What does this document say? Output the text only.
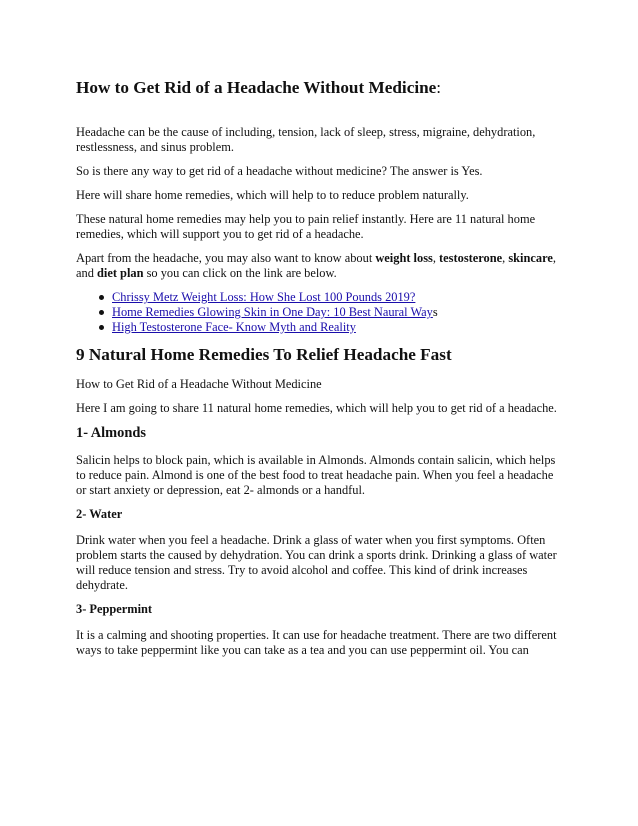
How to Get Rid of a Headache Without Medicine:

Headache can be the cause of including, tension, lack of sleep, stress, migraine, dehydration, restlessness, and sinus problem.

So is there any way to get rid of a headache without medicine? The answer is Yes.

Here will share home remedies, which will help to to reduce problem naturally.

These natural home remedies may help you to pain relief instantly. Here are 11 natural home remedies, which will support you to get rid of a headache.

Apart from the headache, you may also want to know about weight loss, testosterone, skincare,
and diet plan so you can click on the link are below.

Chrissy Metz Weight Loss: How She Lost 100 Pounds 2019?
Home Remedies Glowing Skin in One Day: 10 Best Naural Ways
High Testosterone Face- Know Myth and Reality
9 Natural Home Remedies To Relief Headache Fast

How to Get Rid of a Headache Without Medicine

Here I am going to share 11 natural home remedies, which will help you to get rid of a headache.

1- Almonds

Salicin helps to block pain, which is available in Almonds. Almonds contain salicin, which helps to reduce pain. Almond is one of the best food to treat headache pain. When you feel a headache or start anxiety or depression, eat 2- almonds or a handful.

2- Water

Drink water when you feel a headache. Drink a glass of water when you first symptoms. Often problem starts the caused by dehydration. You can drink a sports drink. Drinking a glass of water will reduce tension and stress. Try to avoid alcohol and coffee. This kind of drink increases dehydrate.

3- Peppermint

It is a calming and shooting properties. It can use for headache treatment. There are two different ways to take peppermint like you can take as a tea and you can use peppermint oil. You can
